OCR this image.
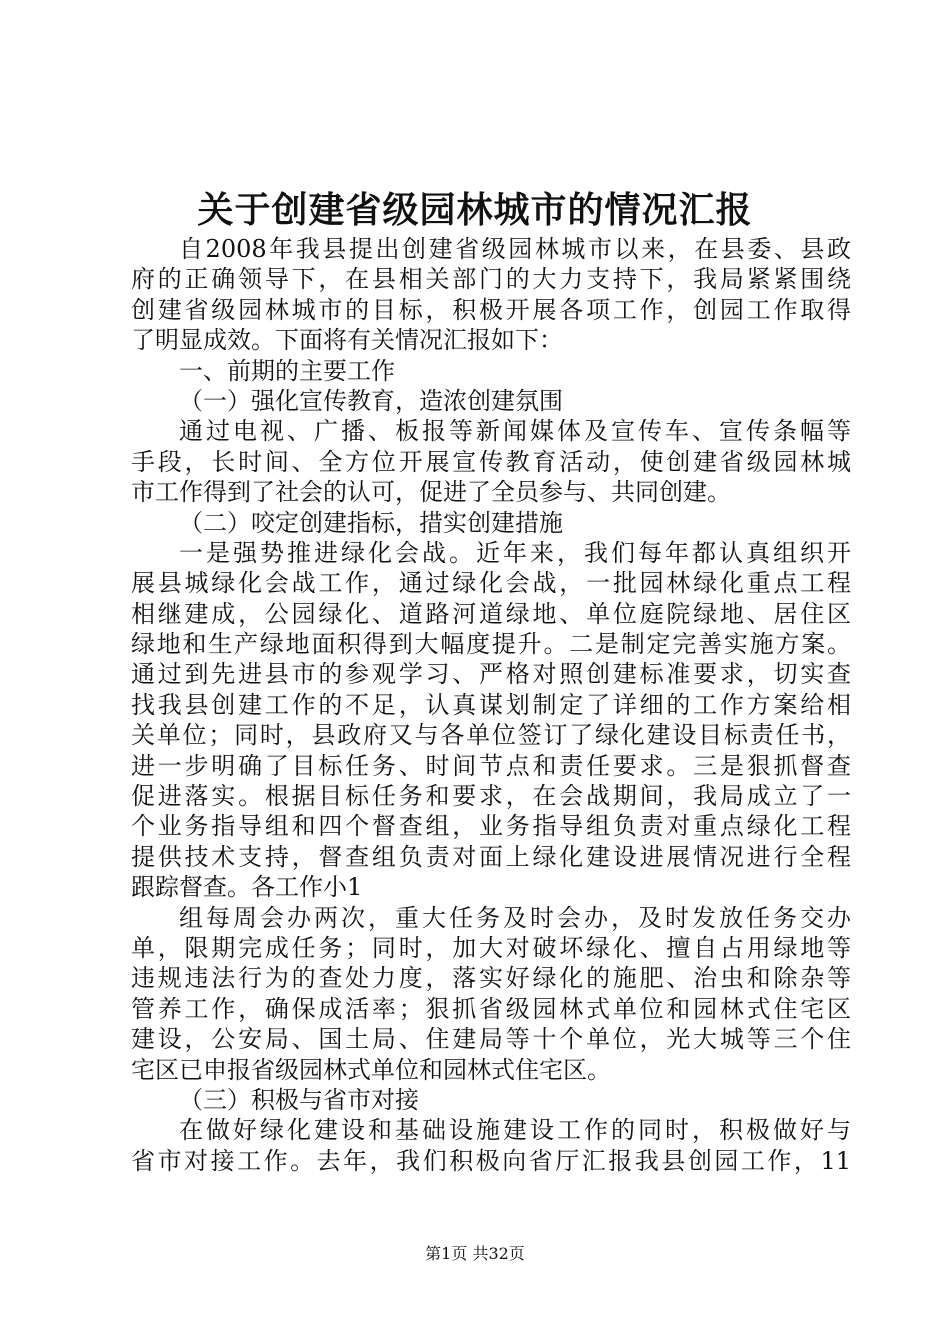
关于创建省级园林城市的情况汇报
自2008年我县提出创建省级园林城市以来，在县委、县政
府的正确领导下，在县相关部门的大力支持下，我局紧紧围绕
创建省级园林城市的目标，积极开展各项工作，创园工作取得
了明显成效。下面将有关情况汇报如下：
一、前期的主要工作
（一）强化宣传教育，造浓创建氛围
通过电视、广播、板报等新闻媒体及宣传车、宣传条幅等
手段，长时间、全方位开展宣传教育活动，使创建省级园林城
市工作得到了社会的认可，促进了全员参与、共同创建。
（二）咬定创建指标，措实创建措施
一是强势推进绿化会战。近年来，我们每年都认真组织开
展县城绿化会战工作，通过绿化会战，一批园林绿化重点工程
相继建成，公园绿化、道路河道绿地、单位庭院绿地、居住区
绿地和生产绿地面积得到大幅度提升。二是制定完善实施方案。
通过到先进县市的参观学习、严格对照创建标准要求，切实查
找我县创建工作的不足，认真谋划制定了详细的工作方案给相
关单位；同时，县政府又与各单位签订了绿化建设目标责任书，
进一步明确了目标任务、时间节点和责任要求。三是狠抓督查
促进落实。根据目标任务和要求，在会战期间，我局成立了一
个业务指导组和四个督查组，业务指导组负责对重点绿化工程
提供技术支持，督查组负责对面上绿化建设进展情况进行全程
跟踪督查。各工作小1
组每周会办两次，重大任务及时会办，及时发放任务交办
单，限期完成任务；同时，加大对破坏绿化、擅自占用绿地等
违规违法行为的查处力度，落实好绿化的施肥、治虫和除杂等
管养工作，确保成活率；狠抓省级园林式单位和园林式住宅区
建设，公安局、国土局、住建局等十个单位，光大城等三个住
宅区已申报省级园林式单位和园林式住宅区。
（三）积极与省市对接
在做好绿化建设和基础设施建设工作的同时，积极做好与
省市对接工作。去年，我们积极向省厅汇报我县创园工作，11
第1页 共32页
